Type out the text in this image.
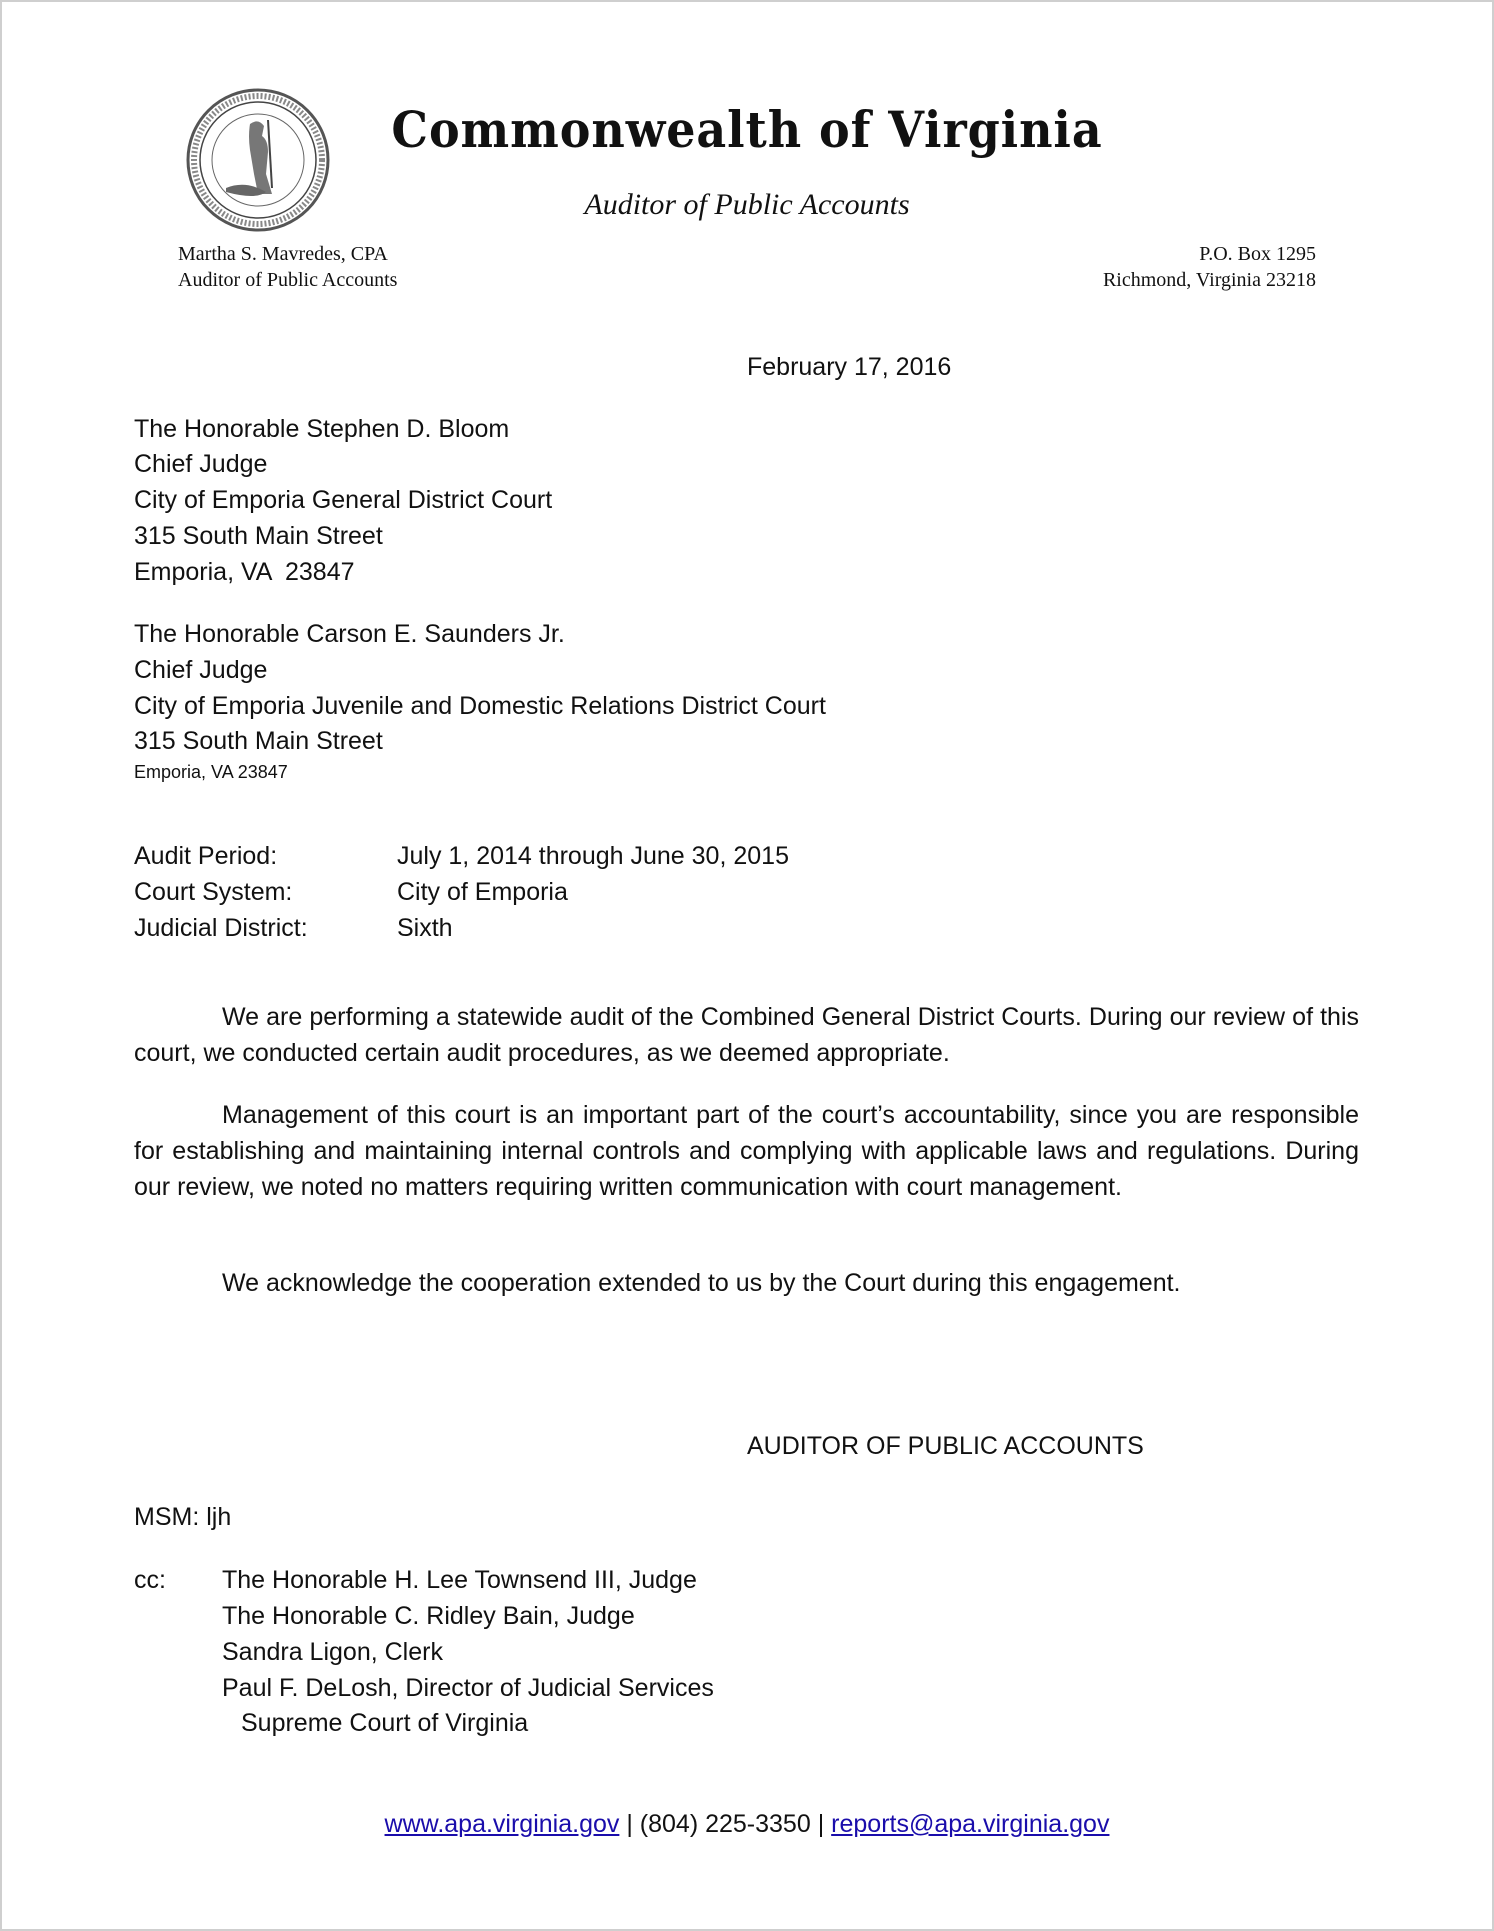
Commonwealth of Virginia
Auditor of Public Accounts
Martha S. Mavredes, CPA
Auditor of Public Accounts
P.O. Box 1295
Richmond, Virginia 23218
February 17, 2016
The Honorable Stephen D. Bloom
Chief Judge
City of Emporia General District Court
315 South Main Street
Emporia, VA  23847
The Honorable Carson E. Saunders Jr.
Chief Judge
City of Emporia Juvenile and Domestic Relations District Court
315 South Main Street
Emporia, VA 23847
Audit Period:	July 1, 2014 through June 30, 2015
Court System:	City of Emporia
Judicial District:	Sixth
We are performing a statewide audit of the Combined General District Courts. During our review of this court, we conducted certain audit procedures, as we deemed appropriate.
Management of this court is an important part of the court’s accountability, since you are responsible for establishing and maintaining internal controls and complying with applicable laws and regulations. During our review, we noted no matters requiring written communication with court management.
We acknowledge the cooperation extended to us by the Court during this engagement.
AUDITOR OF PUBLIC ACCOUNTS
MSM: ljh
cc: The Honorable H. Lee Townsend III, Judge
The Honorable C. Ridley Bain, Judge
Sandra Ligon, Clerk
Paul F. DeLosh, Director of Judicial Services
Supreme Court of Virginia
www.apa.virginia.gov | (804) 225-3350 | reports@apa.virginia.gov
